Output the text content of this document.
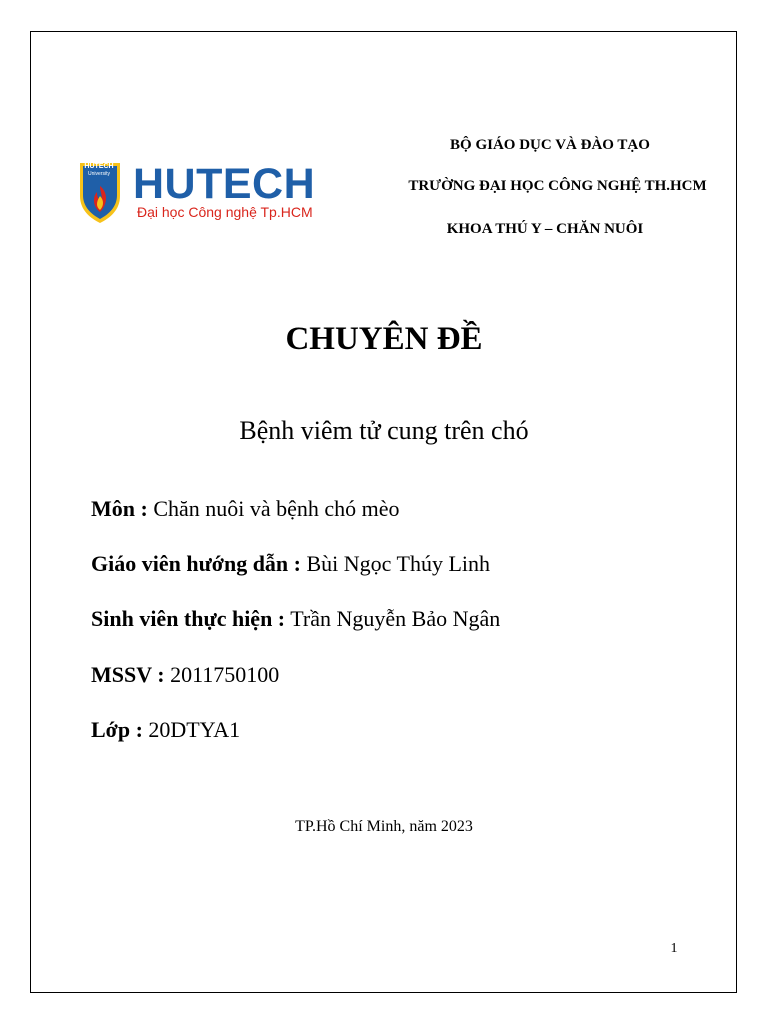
HUTECH
University HUTECH
Đại học Công nghệ Tp.HCM
BỘ GIÁO DỤC VÀ ĐÀO TẠO
TRƯỜNG ĐẠI HỌC CÔNG NGHỆ TH.HCM
KHOA THÚ Y – CHĂN NUÔI
CHUYÊN ĐỀ
Bệnh viêm tử cung trên chó
Môn : Chăn nuôi và bệnh chó mèo
Giáo viên hướng dẫn : Bùi Ngọc Thúy Linh
Sinh viên thực hiện : Trần Nguyễn Bảo Ngân
MSSV : 2011750100
Lớp : 20DTYA1
TP.Hồ Chí Minh, năm 2023
1
